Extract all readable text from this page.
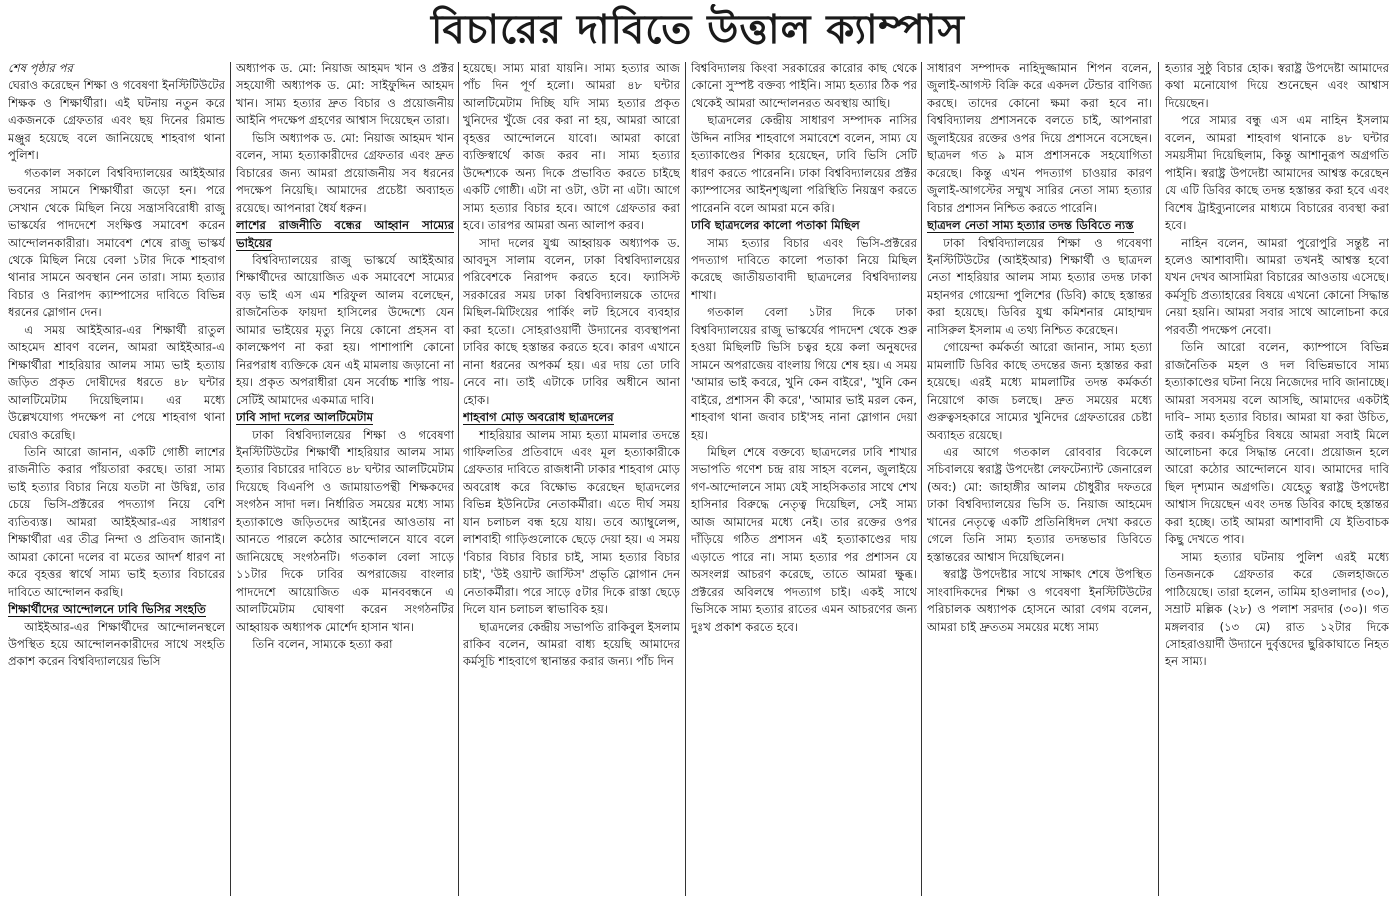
বিচারের দাবিতে উত্তাল ক্যাম্পাস

শেষ পৃষ্ঠার পর

ঘেরাও করেছেন শিক্ষা ও গবেষণা ইনস্টিটিউটের শিক্ষক ও শিক্ষার্থীরা। এই ঘটনায় নতুন করে একজনকে গ্রেফতার এবং ছয় দিনের রিমান্ড মঞ্জুর হয়েছে বলে জানিয়েছে শাহবাগ থানা পুলিশ।

গতকাল সকালে বিশ্ববিদ্যালয়ের আইইআর ভবনের সামনে শিক্ষার্থীরা জড়ো হন। পরে সেখান থেকে মিছিল নিয়ে সন্ত্রাসবিরোধী রাজু ভাস্কর্যের পাদদেশে সংক্ষিপ্ত সমাবেশ করেন আন্দোলনকারীরা। সমাবেশ শেষে রাজু ভাস্কর্য থেকে মিছিল নিয়ে বেলা ১টার দিকে শাহবাগ থানার সামনে অবস্থান নেন তারা। সাম্য হত্যার বিচার ও নিরাপদ ক্যাম্পাসের দাবিতে বিভিন্ন ধরনের স্লোগান দেন।

এ সময় আইইআর-এর শিক্ষার্থী রাতুল আহমেদ শ্রাবণ বলেন, আমরা আইইআর-এ শিক্ষার্থীরা শাহরিয়ার আলম সাম্য ভাই হত্যায় জড়িত প্রকৃত দোষীদের ধরতে ৪৮ ঘন্টার আলটিমেটাম দিয়েছিলাম। এর মধ্যে উল্লেখযোগ্য পদক্ষেপ না পেয়ে শাহবাগ থানা ঘেরাও করেছি।

তিনি আরো জানান, একটি গোষ্ঠী লাশের রাজনীতি করার পাঁয়তারা করছে। তারা সাম্য ভাই হত্যার বিচার নিয়ে যতটা না উদ্বিগ্ন, তার চেয়ে ভিসি-প্রক্টরের পদত্যাগ নিয়ে বেশি ব্যতিব্যস্ত। আমরা আইইআর-এর সাধারণ শিক্ষার্থীরা এর তীব্র নিন্দা ও প্রতিবাদ জানাই। আমরা কোনো দলের বা মতের আদর্শ ধারণ না করে বৃহত্তর স্বার্থে সাম্য ভাই হত্যার বিচারের দাবিতে আন্দোলন করছি।

শিক্ষার্থীদের আন্দোলনে ঢাবি ভিসির সংহতি

আইইআর-এর শিক্ষার্থীদের আন্দোলনস্থলে উপস্থিত হয়ে আন্দোলনকারীদের সাথে সংহতি প্রকাশ করেন বিশ্ববিদ্যালয়ের ভিসি

অধ্যাপক ড. মো: নিয়াজ আহমদ খান ও প্রক্টর সহযোগী অধ্যাপক ড. মো: সাইফুদ্দিন আহমদ খান। সাম্য হত্যার দ্রুত বিচার ও প্রয়োজনীয় আইনি পদক্ষেপ গ্রহণের আশ্বাস দিয়েছেন তারা।

ভিসি অধ্যাপক ড. মো: নিয়াজ আহমদ খান বলেন, সাম্য হত্যাকারীদের গ্রেফতার এবং দ্রুত বিচারের জন্য আমরা প্রয়োজনীয় সব ধরনের পদক্ষেপ নিয়েছি। আমাদের প্রচেষ্টা অব্যাহত রয়েছে। আপনারা ধৈর্য ধরুন।

লাশের রাজনীতি বন্ধের আহ্বান সাম্যের ভাইয়ের

বিশ্ববিদ্যালয়ের রাজু ভাস্কর্যে আইইআর শিক্ষার্থীদের আয়োজিত এক সমাবেশে সাম্যের বড় ভাই এস এম শরিফুল আলম বলেছেন, রাজনৈতিক ফায়দা হাসিলের উদ্দেশ্যে যেন আমার ভাইয়ের মৃত্যু নিয়ে কোনো প্রহসন বা কালক্ষেপণ না করা হয়। পাশাপাশি কোনো নিরপরাধ ব্যক্তিকে যেন এই মামলায় জড়ানো না হয়। প্রকৃত অপরাধীরা যেন সর্বোচ্চ শাস্তি পায়-সেটিই আমাদের একমাত্র দাবি।

ঢাবি সাদা দলের আলটিমেটাম

ঢাকা বিশ্ববিদ্যালয়ের শিক্ষা ও গবেষণা ইনস্টিটিউটের শিক্ষার্থী শাহরিয়ার আলম সাম্য হত্যার বিচারের দাবিতে ৪৮ ঘন্টার আলটিমেটাম দিয়েছে বিএনপি ও জামায়াতপন্থী শিক্ষকদের সংগঠন সাদা দল। নির্ধারিত সময়ের মধ্যে সাম্য হত্যাকাণ্ডে জড়িতদের আইনের আওতায় না আনতে পারলে কঠোর আন্দোলনে যাবে বলে জানিয়েছে সংগঠনটি। গতকাল বেলা সাড়ে ১১টার দিকে ঢাবির অপরাজেয় বাংলার পাদদেশে আয়োজিত এক মানববন্ধনে এ আলটিমেটাম ঘোষণা করেন সংগঠনটির আহ্বায়ক অধ্যাপক মোর্শেদ হাসান খান।

তিনি বলেন, সাম্যকে হত্যা করা

হয়েছে। সাম্য মারা যায়নি। সাম্য হত্যার আজ পাঁচ দিন পূর্ণ হলো। আমরা ৪৮ ঘন্টার আলটিমেটাম দিচ্ছি যদি সাম্য হত্যার প্রকৃত খুনিদের খুঁজে বের করা না হয়, আমরা আরো বৃহত্তর আন্দোলনে যাবো। আমরা কারো ব্যক্তিস্বার্থে কাজ করব না। সাম্য হত্যার উদ্দেশ্যকে অন্য দিকে প্রভাবিত করতে চাইছে একটি গোষ্ঠী। এটা না ওটা, ওটা না এটা। আগে সাম্য হত্যার বিচার হবে। আগে গ্রেফতার করা হবে। তারপর আমরা অন্য আলাপ করব।

সাদা দলের যুগ্ম আহ্বায়ক অধ্যাপক ড. আবদুস সালাম বলেন, ঢাকা বিশ্ববিদ্যালয়ের পরিবেশকে নিরাপদ করতে হবে। ফ্যাসিস্ট সরকারের সময় ঢাকা বিশ্ববিদ্যালয়কে তাদের মিছিল-মিটিংয়ের পার্কিং লট হিসেবে ব্যবহার করা হতো। সোহরাওয়ার্দী উদ্যানের ব্যবস্থাপনা ঢাবির কাছে হস্তান্তর করতে হবে। কারণ এখানে নানা ধরনের অপকর্ম হয়। এর দায় তো ঢাবি নেবে না। তাই এটাকে ঢাবির অধীনে আনা হোক।

শাহবাগ মোড় অবরোধ ছাত্রদলের

শাহরিয়ার আলম সাম্য হত্যা মামলার তদন্তে গাফিলতির প্রতিবাদে এবং মূল হত্যাকারীকে গ্রেফতার দাবিতে রাজধানী ঢাকার শাহবাগ মোড় অবরোধ করে বিক্ষোভ করেছেন ছাত্রদলের বিভিন্ন ইউনিটের নেতাকর্মীরা। এতে দীর্ঘ সময় যান চলাচল বন্ধ হয়ে যায়। তবে অ্যাম্বুলেন্স, লাশবাহী গাড়িগুলোকে ছেড়ে দেয়া হয়। এ সময় 'বিচার বিচার বিচার চাই, সাম্য হত্যার বিচার চাই', 'উই ওয়ান্ট জাস্টিস' প্রভৃতি স্লোগান দেন নেতাকর্মীরা। পরে সাড়ে ৫টার দিকে রাস্তা ছেড়ে দিলে যান চলাচল স্বাভাবিক হয়।

ছাত্রদলের কেন্দ্রীয় সভাপতি রাকিবুল ইসলাম রাকিব বলেন, আমরা বাধ্য হয়েছি আমাদের কর্মসূচি শাহবাগে স্থানান্তর করার জন্য। পাঁচ দিন

বিশ্ববিদ্যালয় কিংবা সরকারের কারোর কাছ থেকে কোনো সুস্পষ্ট বক্তব্য পাইনি। সাম্য হত্যার ঠিক পর থেকেই আমরা আন্দোলনরত অবস্থায় আছি।

ছাত্রদলের কেন্দ্রীয় সাধারণ সম্পাদক নাসির উদ্দিন নাসির শাহবাগে সমাবেশে বলেন, সাম্য যে হত্যাকাণ্ডের শিকার হয়েছেন, ঢাবি ভিসি সেটি ধারণ করতে পারেননি। ঢাকা বিশ্ববিদ্যালয়ের প্রক্টর ক্যাম্পাসের আইনশৃঙ্খলা পরিস্থিতি নিয়ন্ত্রণ করতে পারেননি বলে আমরা মনে করি।

ঢাবি ছাত্রদলের কালো পতাকা মিছিল

সাম্য হত্যার বিচার এবং ভিসি-প্রক্টরের পদত্যাগ দাবিতে কালো পতাকা নিয়ে মিছিল করেছে জাতীয়তাবাদী ছাত্রদলের বিশ্ববিদ্যালয় শাখা।

গতকাল বেলা ১টার দিকে ঢাকা বিশ্ববিদ্যালয়ের রাজু ভাস্কর্যের পাদদেশ থেকে শুরু হওয়া মিছিলটি ভিসি চত্বর হয়ে কলা অনুষদের সামনে অপরাজেয় বাংলায় গিয়ে শেষ হয়। এ সময় 'আমার ভাই কবরে, খুনি কেন বাইরে', 'খুনি কেন বাইরে, প্রশাসন কী করে', 'আমার ভাই মরল কেন, শাহবাগ থানা জবাব চাই'সহ নানা স্লোগান দেয়া হয়।

মিছিল শেষে বক্তব্যে ছাত্রদলের ঢাবি শাখার সভাপতি গণেশ চন্দ্র রায় সাহস বলেন, জুলাইয়ে গণ-আন্দোলনে সাম্য যেই সাহসিকতার সাথে শেখ হাসিনার বিরুদ্ধে নেতৃত্ব দিয়েছিল, সেই সাম্য আজ আমাদের মধ্যে নেই। তার রক্তের ওপর দাঁড়িয়ে গঠিত প্রশাসন এই হত্যাকাণ্ডের দায় এড়াতে পারে না। সাম্য হত্যার পর প্রশাসন যে অসংলগ্ন আচরণ করেছে, তাতে আমরা ক্ষুব্ধ। প্রক্টরের অবিলম্বে পদত্যাগ চাই। একই সাথে ভিসিকে সাম্য হত্যার রাতের এমন আচরণের জন্য দুঃখ প্রকাশ করতে হবে।

সাধারণ সম্পাদক নাহিদুজ্জামান শিপন বলেন, জুলাই-আগস্ট বিক্রি করে একদল টেন্ডার বাণিজ্য করছে। তাদের কোনো ক্ষমা করা হবে না। বিশ্ববিদ্যালয় প্রশাসনকে বলতে চাই, আপনারা জুলাইয়ের রক্তের ওপর দিয়ে প্রশাসনে বসেছেন। ছাত্রদল গত ৯ মাস প্রশাসনকে সহযোগিতা করেছে। কিন্তু এখন পদত্যাগ চাওয়ার কারণ জুলাই-আগস্টের সম্মুখ সারির নেতা সাম্য হত্যার বিচার প্রশাসন নিশ্চিত করতে পারেনি।

ছাত্রদল নেতা সাম্য হত্যার তদন্ত ডিবিতে ন্যস্ত

ঢাকা বিশ্ববিদ্যালয়ের শিক্ষা ও গবেষণা ইনস্টিটিউটের (আইইআর) শিক্ষার্থী ও ছাত্রদল নেতা শাহরিয়ার আলম সাম্য হত্যার তদন্ত ঢাকা মহানগর গোয়েন্দা পুলিশের (ডিবি) কাছে হস্তান্তর করা হয়েছে। ডিবির যুগ্ম কমিশনার মোহাম্মদ নাসিরুল ইসলাম এ তথ্য নিশ্চিত করেছেন।

গোয়েন্দা কর্মকর্তা আরো জানান, সাম্য হত্যা মামলাটি ডিবির কাছে তদন্তের জন্য হস্তান্তর করা হয়েছে। এরই মধ্যে মামলাটির তদন্ত কর্মকর্তা নিয়োগে কাজ চলছে। দ্রুত সময়ের মধ্যে গুরুত্বসহকারে সাম্যের খুনিদের গ্রেফতারের চেষ্টা অব্যাহত রয়েছে।

এর আগে গতকাল রোববার বিকেলে সচিবালয়ে স্বরাষ্ট্র উপদেষ্টা লেফটেন্যান্ট জেনারেল (অব:) মো: জাহাঙ্গীর আলম চৌধুরীর দফতরে ঢাকা বিশ্ববিদ্যালয়ের ভিসি ড. নিয়াজ আহমেদ খানের নেতৃত্বে একটি প্রতিনিধিদল দেখা করতে গেলে তিনি সাম্য হত্যার তদন্তভার ডিবিতে হস্তান্তরের আশ্বাস দিয়েছিলেন।

স্বরাষ্ট্র উপদেষ্টার সাথে সাক্ষাৎ শেষে উপস্থিত সাংবাদিকদের শিক্ষা ও গবেষণা ইনস্টিটিউটের পরিচালক অধ্যাপক হোসনে আরা বেগম বলেন, আমরা চাই দ্রুততম সময়ের মধ্যে সাম্য

হত্যার সুষ্ঠু বিচার হোক। স্বরাষ্ট্র উপদেষ্টা আমাদের কথা মনোযোগ দিয়ে শুনেছেন এবং আশ্বাস দিয়েছেন।

পরে সাম্যর বন্ধু এস এম নাহিন ইসলাম বলেন, আমরা শাহবাগ থানাকে ৪৮ ঘন্টার সময়সীমা দিয়েছিলাম, কিন্তু আশানুরূপ অগ্রগতি পাইনি। স্বরাষ্ট্র উপদেষ্টা আমাদের আশ্বস্ত করেছেন যে এটি ডিবির কাছে তদন্ত হস্তান্তর করা হবে এবং বিশেষ ট্রাইব্যুনালের মাধ্যমে বিচারের ব্যবস্থা করা হবে।

নাহিন বলেন, আমরা পুরোপুরি সন্তুষ্ট না হলেও আশাবাদী। আমরা তখনই আশ্বস্ত হবো যখন দেখব আসামিরা বিচারের আওতায় এসেছে। কর্মসূচি প্রত্যাহারের বিষয়ে এখনো কোনো সিদ্ধান্ত নেয়া হয়নি। আমরা সবার সাথে আলোচনা করে পরবর্তী পদক্ষেপ নেবো।

তিনি আরো বলেন, ক্যাম্পাসে বিভিন্ন রাজনৈতিক মহল ও দল বিভিন্নভাবে সাম্য হত্যাকাণ্ডের ঘটনা নিয়ে নিজেদের দাবি জানাচ্ছে। আমরা সবসময় বলে আসছি, আমাদের একটাই দাবি– সাম্য হত্যার বিচার। আমরা যা করা উচিত, তাই করব। কর্মসূচির বিষয়ে আমরা সবাই মিলে আলোচনা করে সিদ্ধান্ত নেবো। প্রয়োজন হলে আরো কঠোর আন্দোলনে যাব। আমাদের দাবি ছিল দৃশ্যমান অগ্রগতি। যেহেতু স্বরাষ্ট্র উপদেষ্টা আশ্বাস দিয়েছেন এবং তদন্ত ডিবির কাছে হস্তান্তর করা হচ্ছে। তাই আমরা আশাবাদী যে ইতিবাচক কিছু দেখতে পাব।

সাম্য হত্যার ঘটনায় পুলিশ এরই মধ্যে তিনজনকে গ্রেফতার করে জেলহাজতে পাঠিয়েছে। তারা হলেন, তামিম হাওলাদার (৩০), সম্রাট মল্লিক (২৮) ও পলাশ সরদার (৩০)। গত মঙ্গলবার (১৩ মে) রাত ১২টার দিকে সোহরাওয়ার্দী উদ্যানে দুর্বৃত্তদের ছুরিকাঘাতে নিহত হন সাম্য।
